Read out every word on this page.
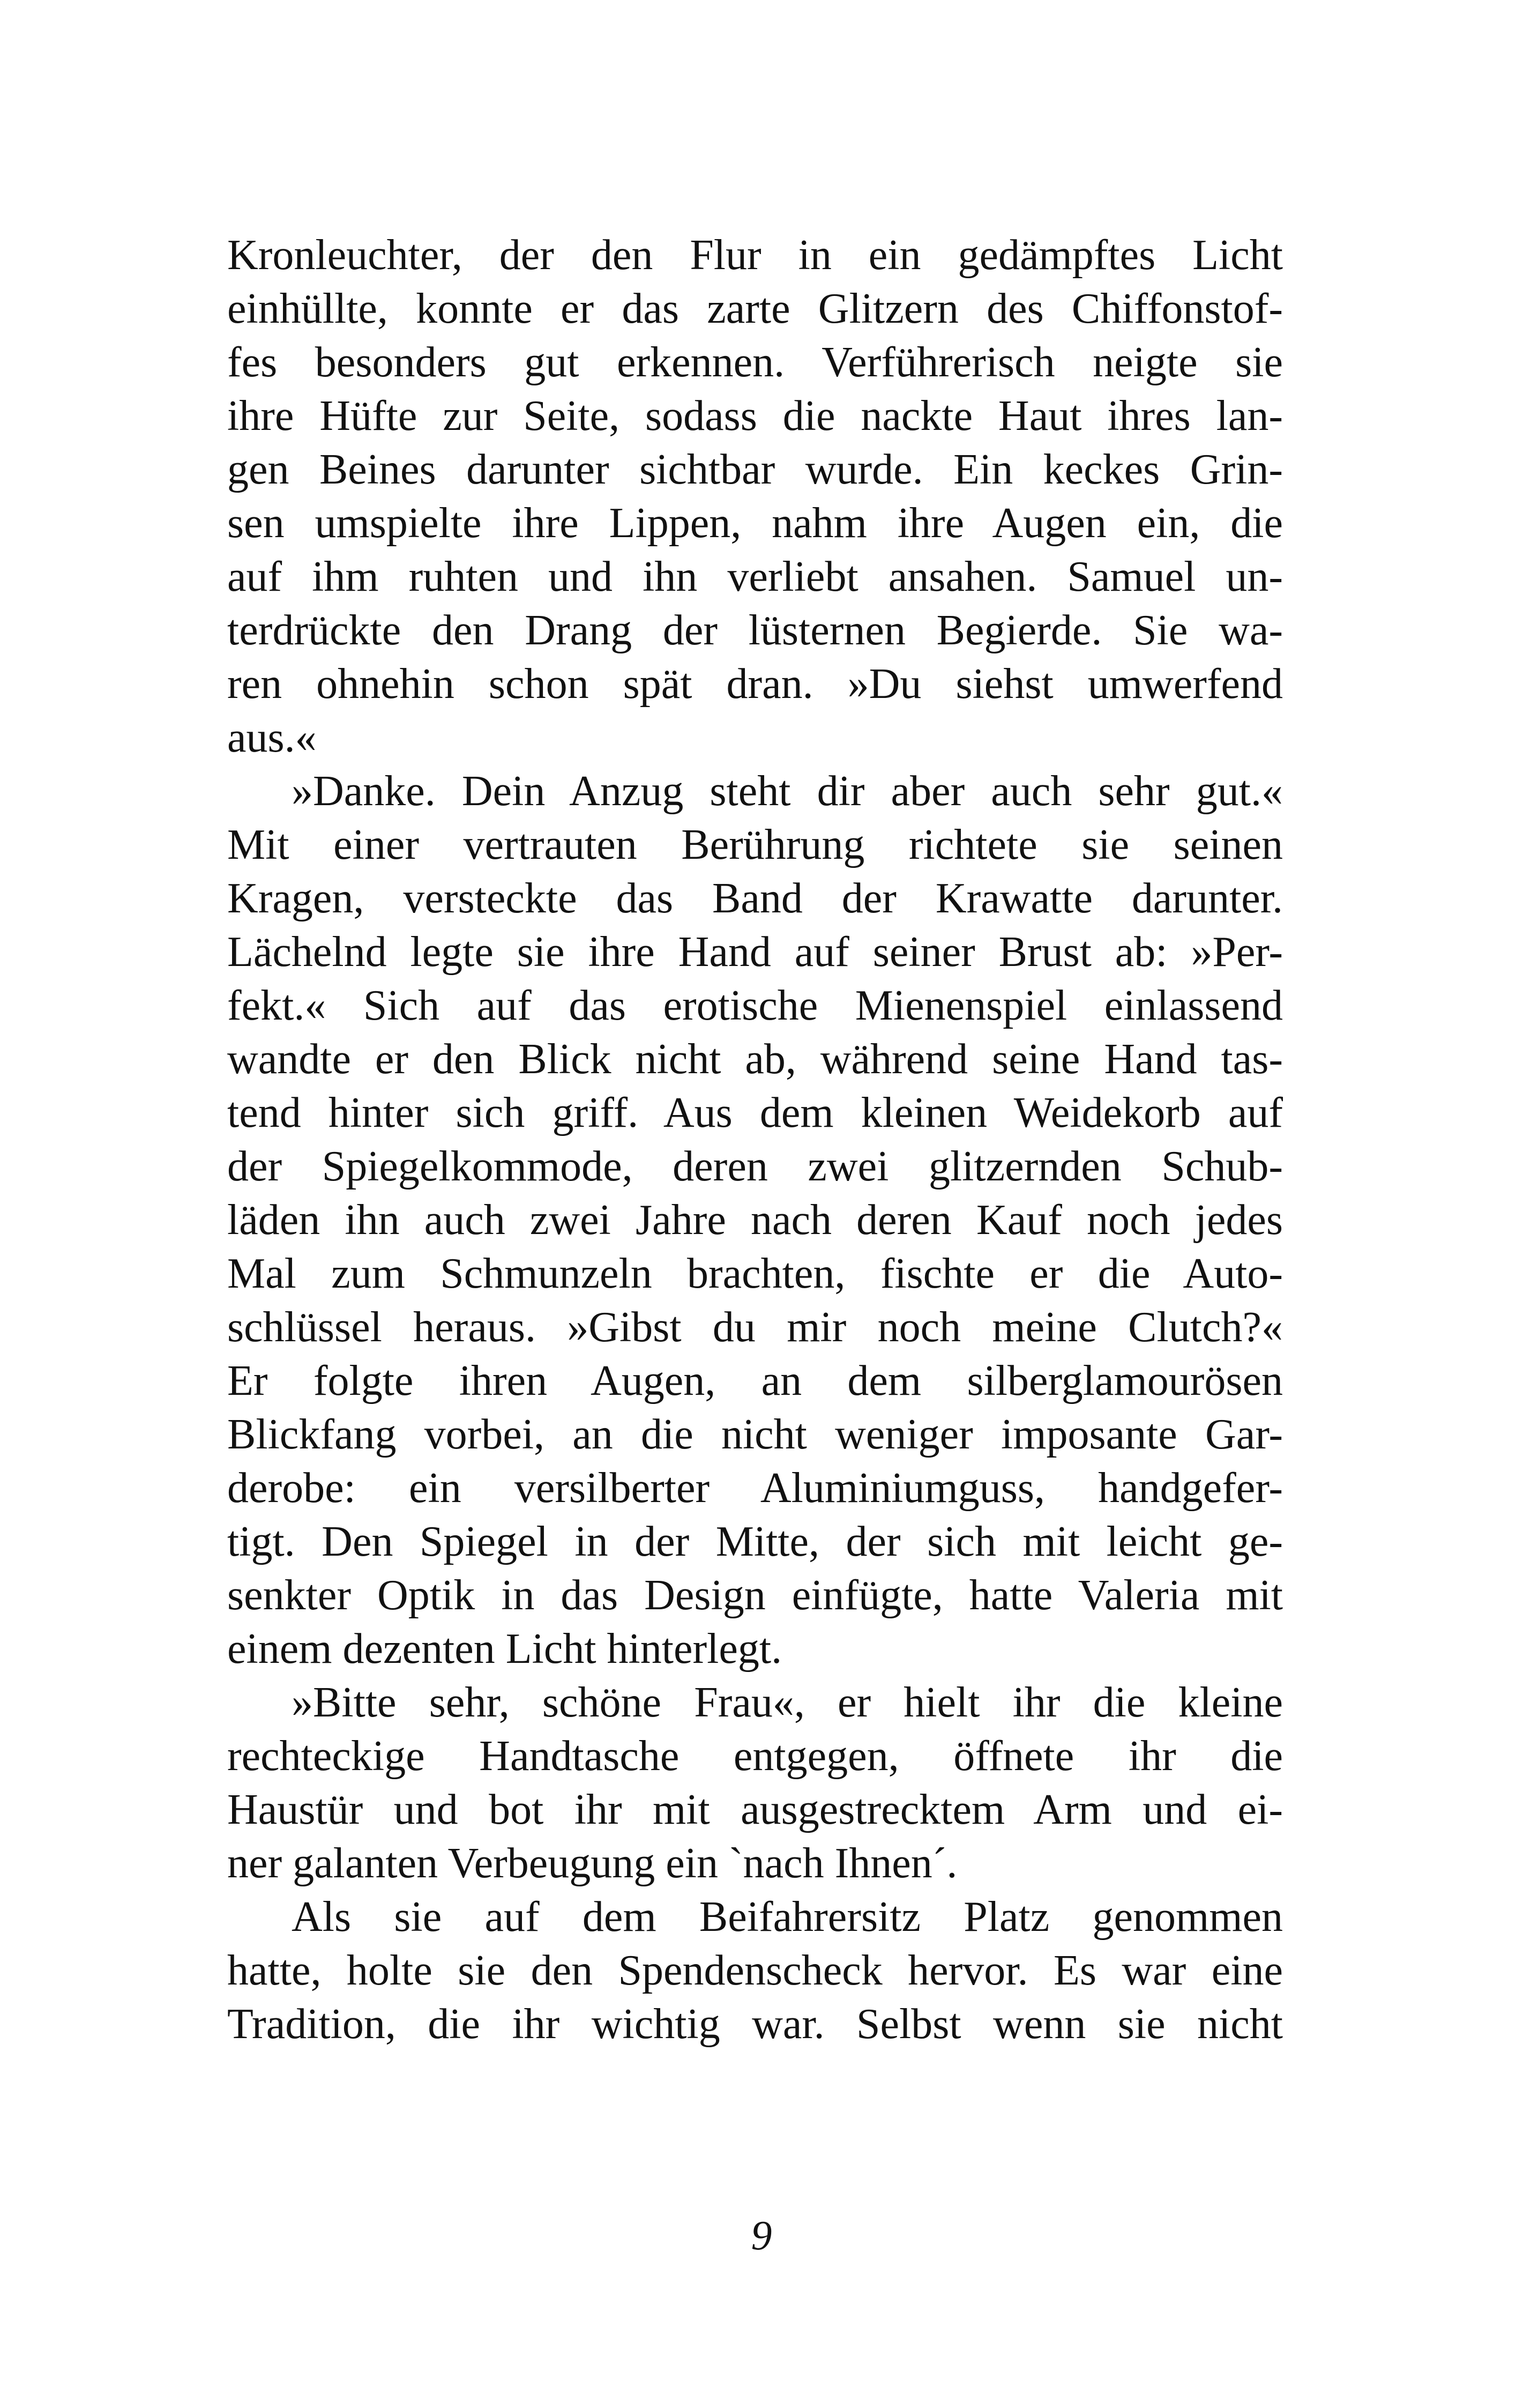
Kronleuchter, der den Flur in ein gedämpftes Licht
einhüllte, konnte er das zarte Glitzern des Chiffonstof-
fes besonders gut erkennen. Verführerisch neigte sie
ihre Hüfte zur Seite, sodass die nackte Haut ihres lan-
gen Beines darunter sichtbar wurde. Ein keckes Grin-
sen umspielte ihre Lippen, nahm ihre Augen ein, die
auf ihm ruhten und ihn verliebt ansahen. Samuel un-
terdrückte den Drang der lüsternen Begierde. Sie wa-
ren ohnehin schon spät dran. »Du siehst umwerfend
aus.«
»Danke. Dein Anzug steht dir aber auch sehr gut.«
Mit einer vertrauten Berührung richtete sie seinen
Kragen, versteckte das Band der Krawatte darunter.
Lächelnd legte sie ihre Hand auf seiner Brust ab: »Per-
fekt.« Sich auf das erotische Mienenspiel einlassend
wandte er den Blick nicht ab, während seine Hand tas-
tend hinter sich griff. Aus dem kleinen Weidekorb auf
der Spiegelkommode, deren zwei glitzernden Schub-
läden ihn auch zwei Jahre nach deren Kauf noch jedes
Mal zum Schmunzeln brachten, fischte er die Auto-
schlüssel heraus. »Gibst du mir noch meine Clutch?«
Er folgte ihren Augen, an dem silberglamourösen
Blickfang vorbei, an die nicht weniger imposante Gar-
derobe: ein versilberter Aluminiumguss, handgefer-
tigt. Den Spiegel in der Mitte, der sich mit leicht ge-
senkter Optik in das Design einfügte, hatte Valeria mit
einem dezenten Licht hinterlegt.
»Bitte sehr, schöne Frau«, er hielt ihr die kleine
rechteckige Handtasche entgegen, öffnete ihr die
Haustür und bot ihr mit ausgestrecktem Arm und ei-
ner galanten Verbeugung ein `nach Ihnen´.
Als sie auf dem Beifahrersitz Platz genommen
hatte, holte sie den Spendenscheck hervor. Es war eine
Tradition, die ihr wichtig war. Selbst wenn sie nicht
9
